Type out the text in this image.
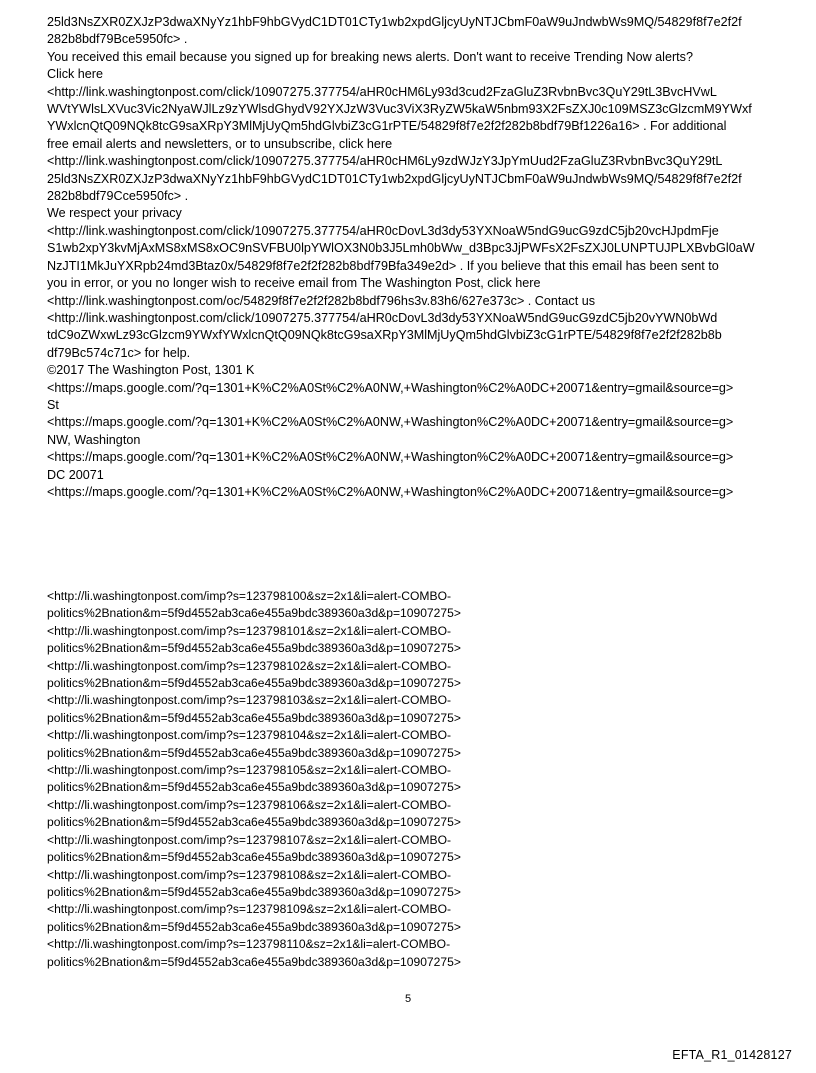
25ld3NsZXR0ZXJzP3dwaXNyYz1hbF9hbGVydC1DT01CTy1wb2xpdGljcyUyNTJCbmF0aW9uJndwbWs9MQ/54829f8f7e2f2f
282b8bdf79Bce5950fc> .
You received this email because you signed up for breaking news alerts. Don't want to receive Trending Now alerts?
Click here
<http://link.washingtonpost.com/click/10907275.377754/aHR0cHM6Ly93d3cud2FzaGluZ3RvbnBvc3QuY29tL3BvcHVwL
WVtYWlsLXVuc3Vic2NyaWJlLz9zYWlsdGhydV92YXJzW3Vuc3ViX3RyZW5kaW5nbm93X2FsZXJ0c109MSZ3cGlzcmM9YWxf
YWxlcnQtQ09NQk8tcG9saXRpY3MlMjUyQm5hdGlvbiZ3cG1rPTE/54829f8f7e2f2f282b8bdf79Bf1226a16> . For additional
free email alerts and newsletters, or to unsubscribe, click here
<http://link.washingtonpost.com/click/10907275.377754/aHR0cHM6Ly9zdWJzY3JpYmUud2FzaGluZ3RvbnBvc3QuY29tL
25ld3NsZXR0ZXJzP3dwaXNyYz1hbF9hbGVydC1DT01CTy1wb2xpdGljcyUyNTJCbmF0aW9uJndwbWs9MQ/54829f8f7e2f2f
282b8bdf79Cce5950fc> .
We respect your privacy
<http://link.washingtonpost.com/click/10907275.377754/aHR0cDovL3d3dy53YXNoaW5ndG9ucG9zdC5jb20vcHJpdmFje
S1wb2xpY3kvMjAxMS8xMS8xOC9nSVFBU0lpYWlOX3N0b3J5Lmh0bWw_d3Bpc3JjPWFsX2FsZXJ0LUNPTUJPLXBvbGl0aW
NzJTI1MkJuYXRpb24md3Btaz0x/54829f8f7e2f2f282b8bdf79Bfa349e2d> . If you believe that this email has been sent to
you in error, or you no longer wish to receive email from The Washington Post, click here
<http://link.washingtonpost.com/oc/54829f8f7e2f2f282b8bdf796hs3v.83h6/627e373c> . Contact us
<http://link.washingtonpost.com/click/10907275.377754/aHR0cDovL3d3dy53YXNoaW5ndG9ucG9zdC5jb20vYWN0bWd
tdC9oZWxwLz93cGlzcm9YWxfYWxlcnQtQ09NQk8tcG9saXRpY3MlMjUyQm5hdGlvbiZ3cG1rPTE/54829f8f7e2f2f282b8b
df79Bc574c71c> for help.
©2017 The Washington Post, 1301 K
<https://maps.google.com/?q=1301+K%C2%A0St%C2%A0NW,+Washington%C2%A0DC+20071&entry=gmail&source=g>
St
<https://maps.google.com/?q=1301+K%C2%A0St%C2%A0NW,+Washington%C2%A0DC+20071&entry=gmail&source=g>
NW, Washington
<https://maps.google.com/?q=1301+K%C2%A0St%C2%A0NW,+Washington%C2%A0DC+20071&entry=gmail&source=g>
DC 20071
<https://maps.google.com/?q=1301+K%C2%A0St%C2%A0NW,+Washington%C2%A0DC+20071&entry=gmail&source=g>
<http://li.washingtonpost.com/imp?s=123798100&sz=2x1&li=alert-COMBO-
politics%2Bnation&m=5f9d4552ab3ca6e455a9bdc389360a3d&p=10907275>
<http://li.washingtonpost.com/imp?s=123798101&sz=2x1&li=alert-COMBO-
politics%2Bnation&m=5f9d4552ab3ca6e455a9bdc389360a3d&p=10907275>
<http://li.washingtonpost.com/imp?s=123798102&sz=2x1&li=alert-COMBO-
politics%2Bnation&m=5f9d4552ab3ca6e455a9bdc389360a3d&p=10907275>
<http://li.washingtonpost.com/imp?s=123798103&sz=2x1&li=alert-COMBO-
politics%2Bnation&m=5f9d4552ab3ca6e455a9bdc389360a3d&p=10907275>
<http://li.washingtonpost.com/imp?s=123798104&sz=2x1&li=alert-COMBO-
politics%2Bnation&m=5f9d4552ab3ca6e455a9bdc389360a3d&p=10907275>
<http://li.washingtonpost.com/imp?s=123798105&sz=2x1&li=alert-COMBO-
politics%2Bnation&m=5f9d4552ab3ca6e455a9bdc389360a3d&p=10907275>
<http://li.washingtonpost.com/imp?s=123798106&sz=2x1&li=alert-COMBO-
politics%2Bnation&m=5f9d4552ab3ca6e455a9bdc389360a3d&p=10907275>
<http://li.washingtonpost.com/imp?s=123798107&sz=2x1&li=alert-COMBO-
politics%2Bnation&m=5f9d4552ab3ca6e455a9bdc389360a3d&p=10907275>
<http://li.washingtonpost.com/imp?s=123798108&sz=2x1&li=alert-COMBO-
politics%2Bnation&m=5f9d4552ab3ca6e455a9bdc389360a3d&p=10907275>
<http://li.washingtonpost.com/imp?s=123798109&sz=2x1&li=alert-COMBO-
politics%2Bnation&m=5f9d4552ab3ca6e455a9bdc389360a3d&p=10907275>
<http://li.washingtonpost.com/imp?s=123798110&sz=2x1&li=alert-COMBO-
politics%2Bnation&m=5f9d4552ab3ca6e455a9bdc389360a3d&p=10907275>
5
EFTA_R1_01428127
